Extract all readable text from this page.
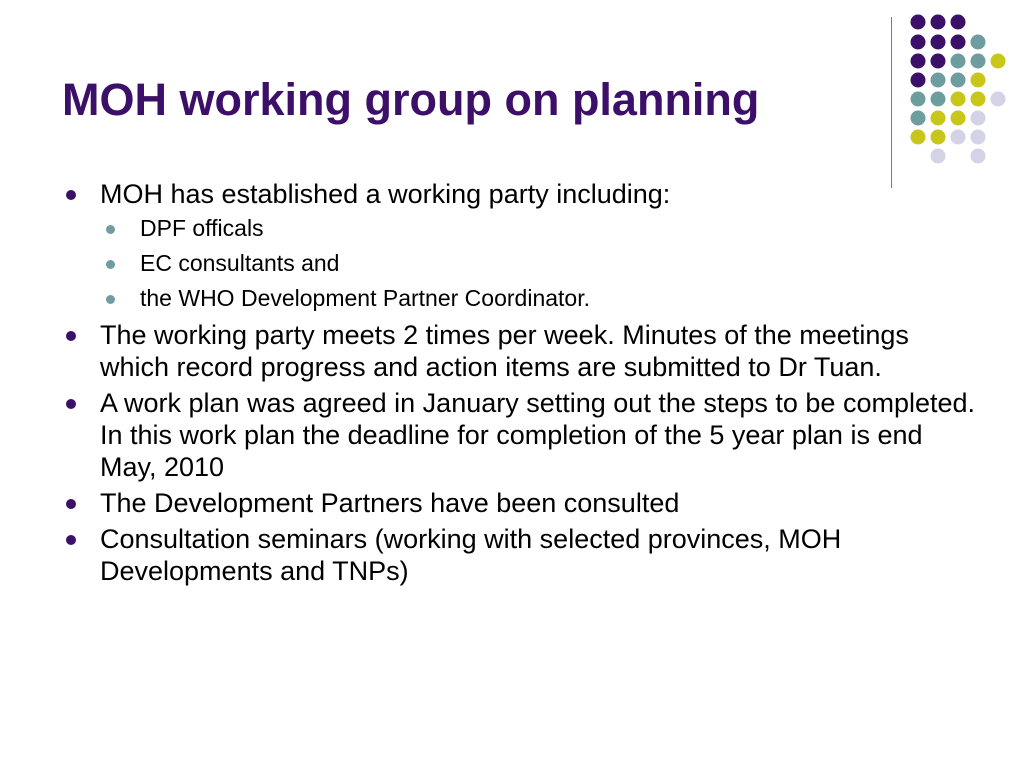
MOH working group on planning
MOH has established a working party including:
DPF officals
EC consultants and
the WHO Development Partner Coordinator.
The working party meets 2 times per week. Minutes of the meetings which record progress and action items are submitted to Dr Tuan.
A work plan was agreed in January setting out the steps to be completed. In this work plan the deadline for completion of the 5 year plan is end May, 2010
The Development Partners have been consulted
Consultation seminars (working with selected provinces, MOH Developments and TNPs)
